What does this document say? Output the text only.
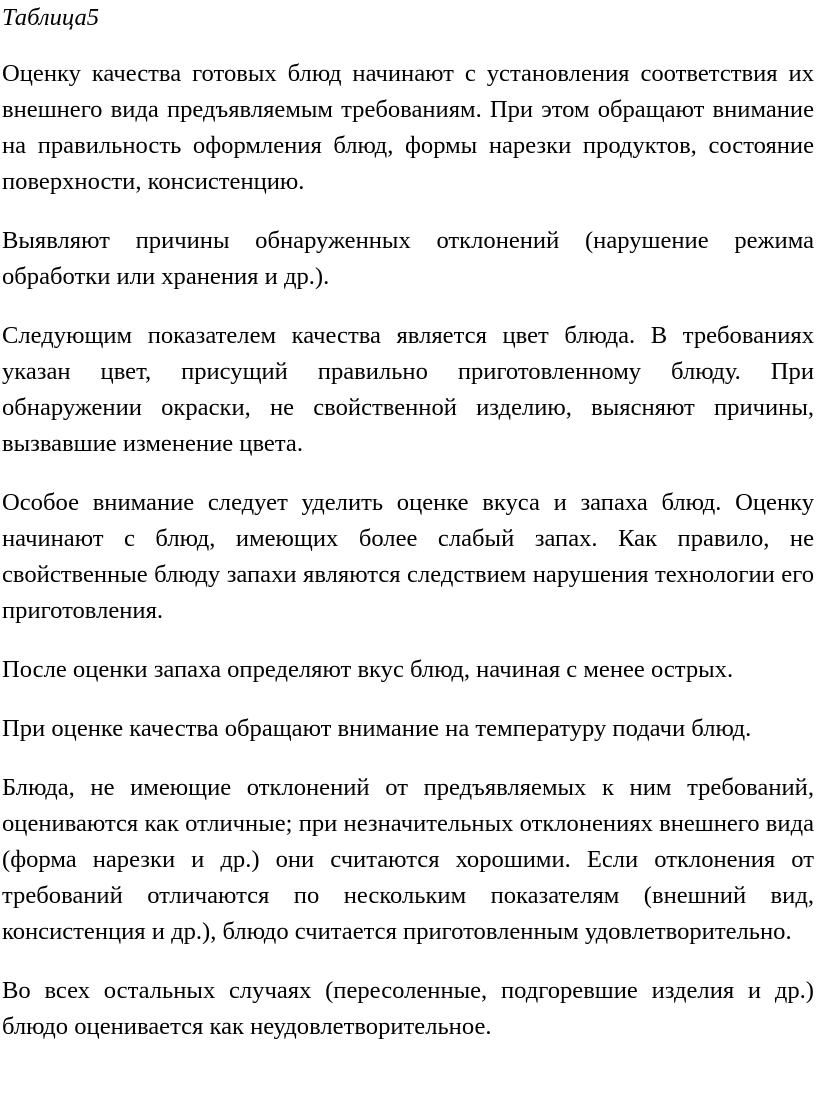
Таблица5

Оценку качества готовых блюд начинают с установления соответствия их внешнего вида предъявляемым требованиям. При этом обращают внимание на правильность оформления блюд, формы нарезки продуктов, состояние поверхности, консистенцию.

Выявляют причины обнаруженных отклонений (нарушение режима обработки или хранения и др.).

Следующим показателем качества является цвет блюда. В требованиях указан цвет, присущий правильно приготовленному блюду. При обнаружении окраски, не свойственной изделию, выясняют причины, вызвавшие изменение цвета.

Особое внимание следует уделить оценке вкуса и запаха блюд. Оценку начинают с блюд, имеющих более слабый запах. Как правило, не свойственные блюду запахи являются следствием нарушения технологии его приготовления.

После оценки запаха определяют вкус блюд, начиная с менее острых.

При оценке качества обращают внимание на температуру подачи блюд.

Блюда, не имеющие отклонений от предъявляемых к ним требований, оцениваются как отличные; при незначительных отклонениях внешнего вида (форма нарезки и др.) они считаются хорошими. Если отклонения от требований отличаются по нескольким показателям (внешний вид, консистенция и др.), блюдо считается приготовленным удовлетворительно.

Во всех остальных случаях (пересоленные, подгоревшие изделия и др.) блюдо оценивается как неудовлетворительное.
